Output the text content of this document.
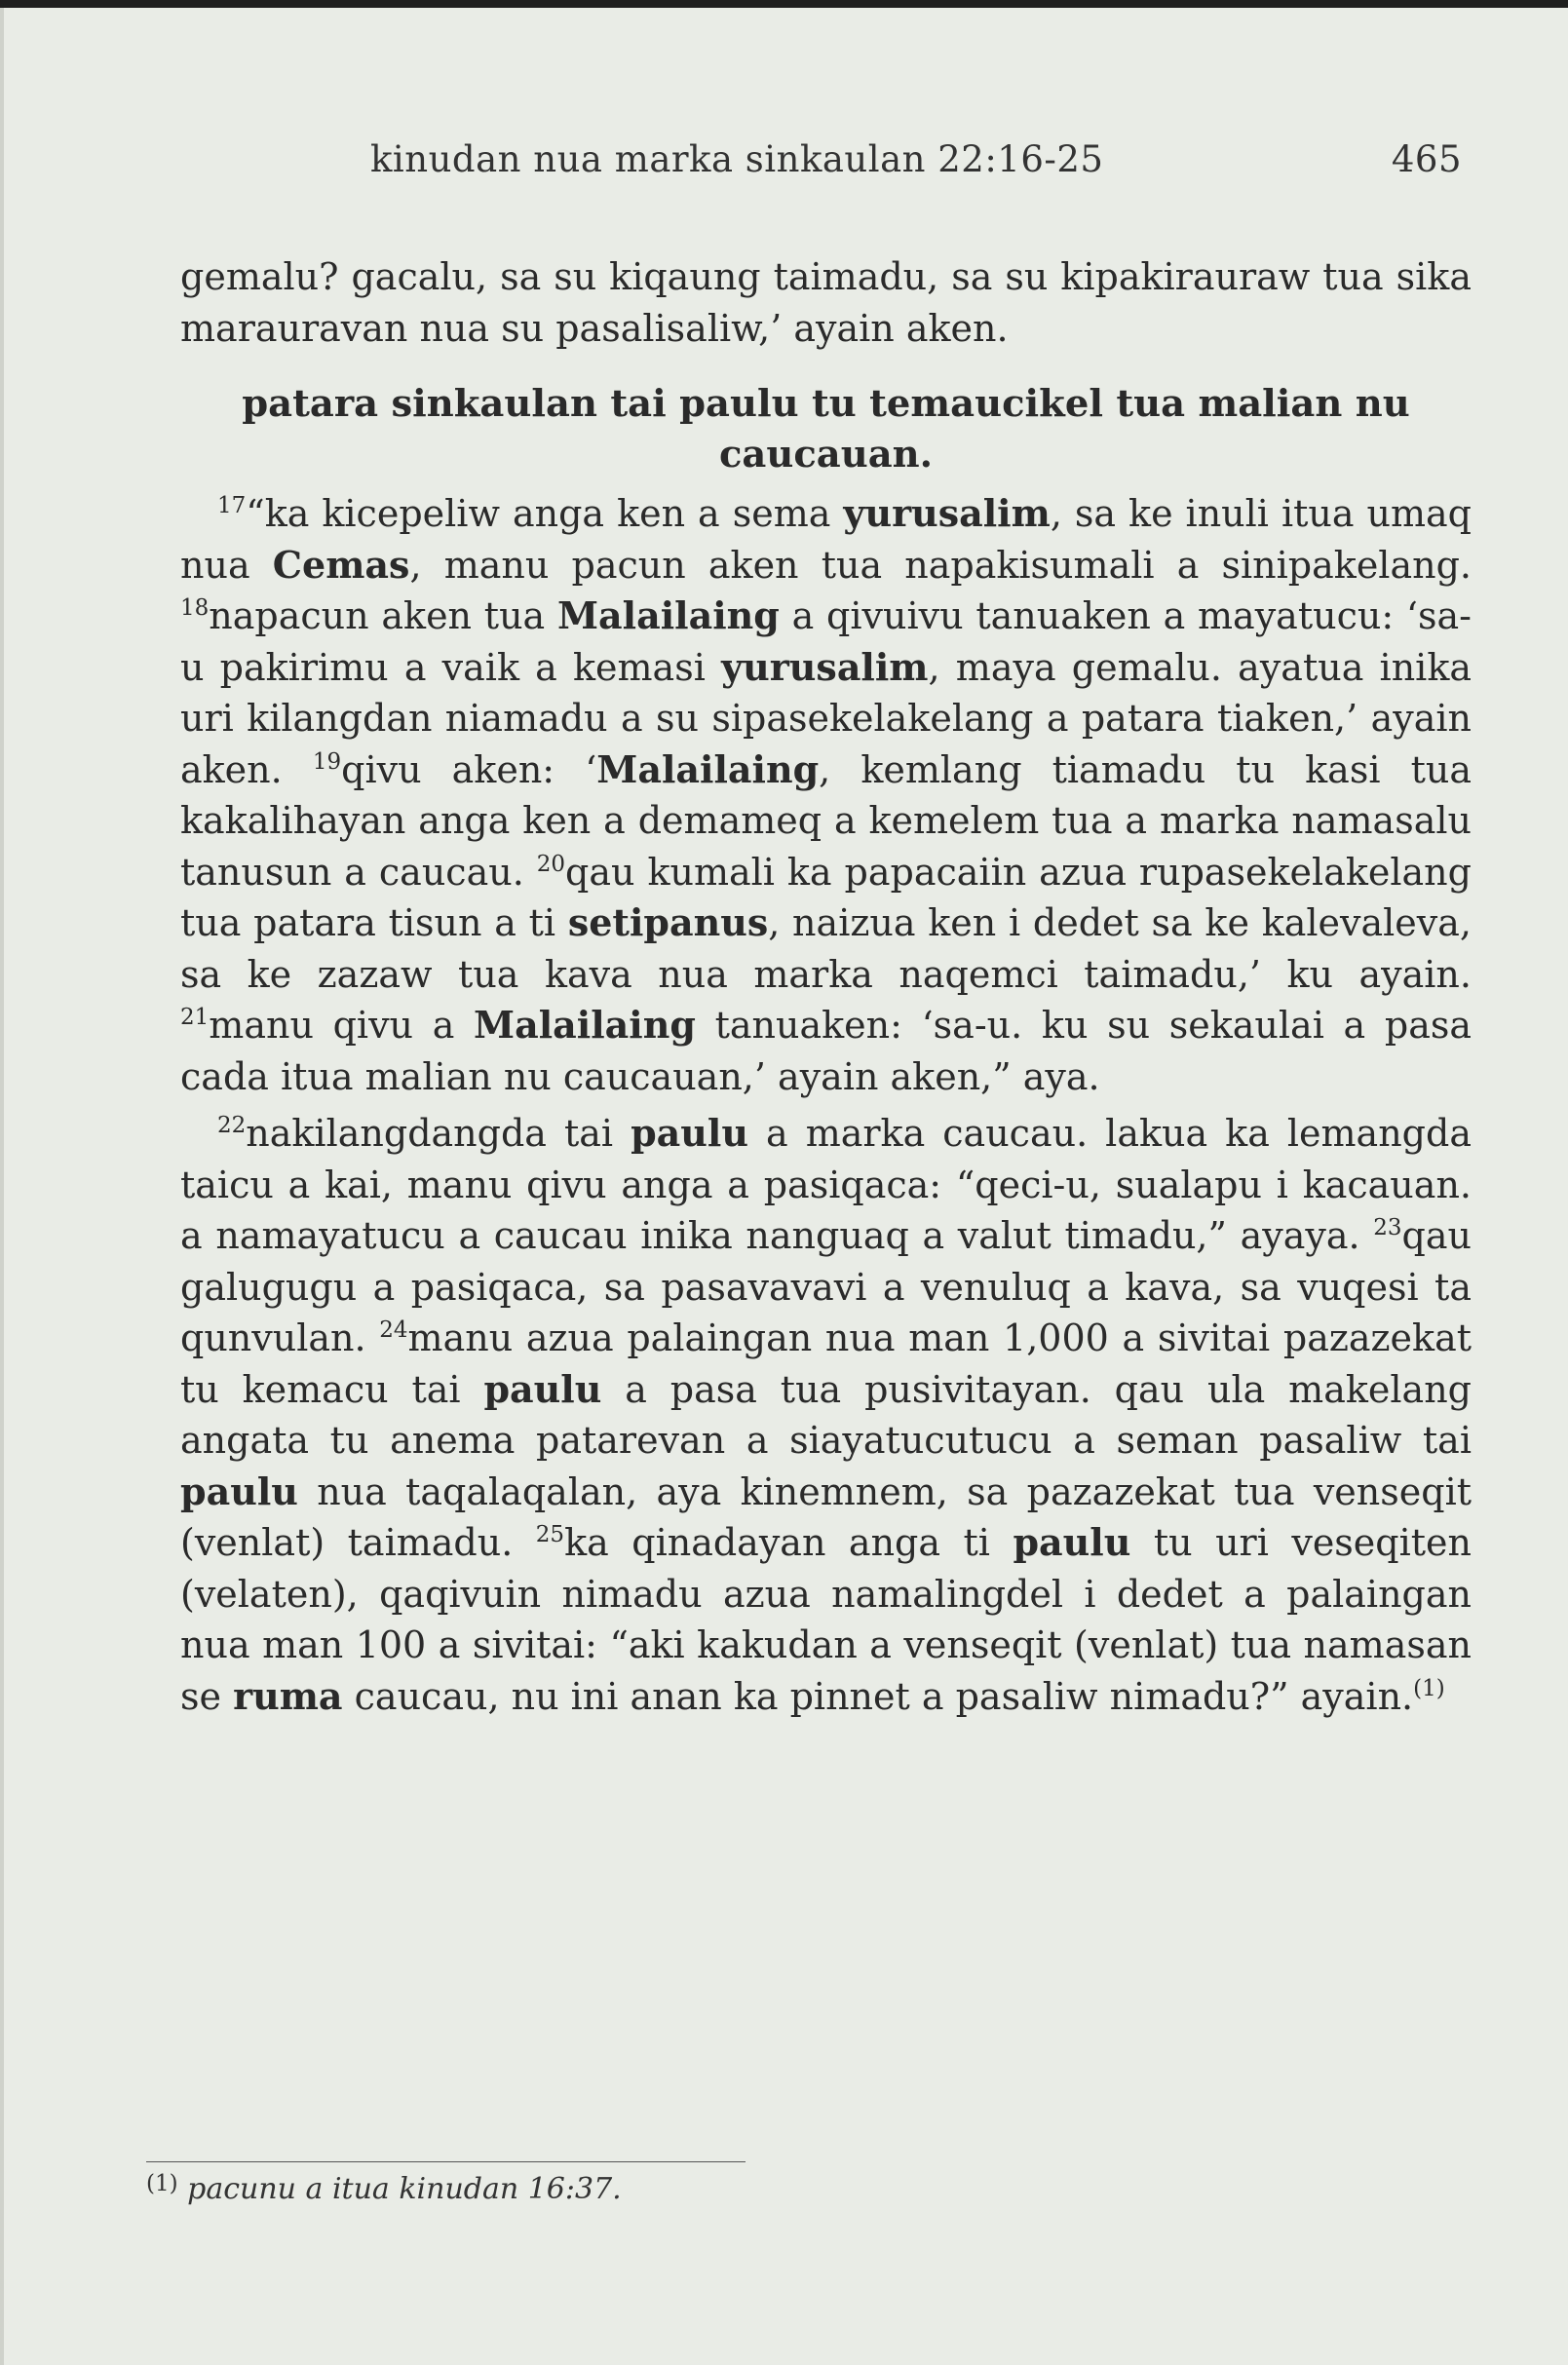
kinudan nua marka sinkaulan 22:16-25	465

gemalu? gacalu, sa su kiqaung taimadu, sa su kipakirauraw tua sika marauravan nua su pasalisaliw,’ ayain aken.

patara sinkaulan tai paulu tu temaucikel tua malian nu caucauan.

$^{17}$“ka kicepeliw anga ken a sema yurusalim, sa ke inuli itua umaq nua Cemas, manu pacun aken tua napakisumali a sinipakelang. $^{18}$napacun aken tua Malailaing a qivuivu tanuaken a mayatucu: ‘sa-u pakirimu a vaik a kemasi yurusalim, maya gemalu. ayatua inika uri kilangdan niamadu a su sipasekelakelang a patara tiaken,’ ayain aken. $^{19}$qivu aken: ‘Malailaing, kemlang tiamadu tu kasi tua kakalihayan anga ken a demameq a kemelem tua a marka namasalu tanusun a caucau. $^{20}$qau kumali ka papacaiin azua rupasekelakelang tua patara tisun a ti setipanus, naizua ken i dedet sa ke kalevaleva, sa ke zazaw tua kava nua marka naqemci taimadu,’ ku ayain. $^{21}$manu qivu a Malailaing tanuaken: ‘sa-u. ku su sekaulai a pasa cada itua malian nu caucauan,’ ayain aken,” aya.

$^{22}$nakilangdangda tai paulu a marka caucau. lakua ka lemangda taicu a kai, manu qivu anga a pasiqaca: “qeci-u, sualapu i kacauan. a namayatucu a caucau inika nanguaq a valut timadu,” ayaya. $^{23}$qau galugugu a pasiqaca, sa pasavavavi a venuluq a kava, sa vuqesi ta qunvulan. $^{24}$manu azua palaingan nua man 1,000 a sivitai pazazekat tu kemacu tai paulu a pasa tua pusivitayan. qau ula makelang angata tu anema patarevan a siayatucutucu a seman pasaliw tai paulu nua taqalaqalan, aya kinemnem, sa pazazekat tua venseqit (venlat) taimadu. $^{25}$ka qinadayan anga ti paulu tu uri veseqiten (velaten), qaqivuin nimadu azua namalingdel i dedet a palaingan nua man 100 a sivitai: “aki kakudan a venseqit (venlat) tua namasan se ruma caucau, nu ini anan ka pinnet a pasaliw nimadu?” ayain.$^{(1)}$

$^{(1)}$ pacunu a itua kinudan 16:37.
